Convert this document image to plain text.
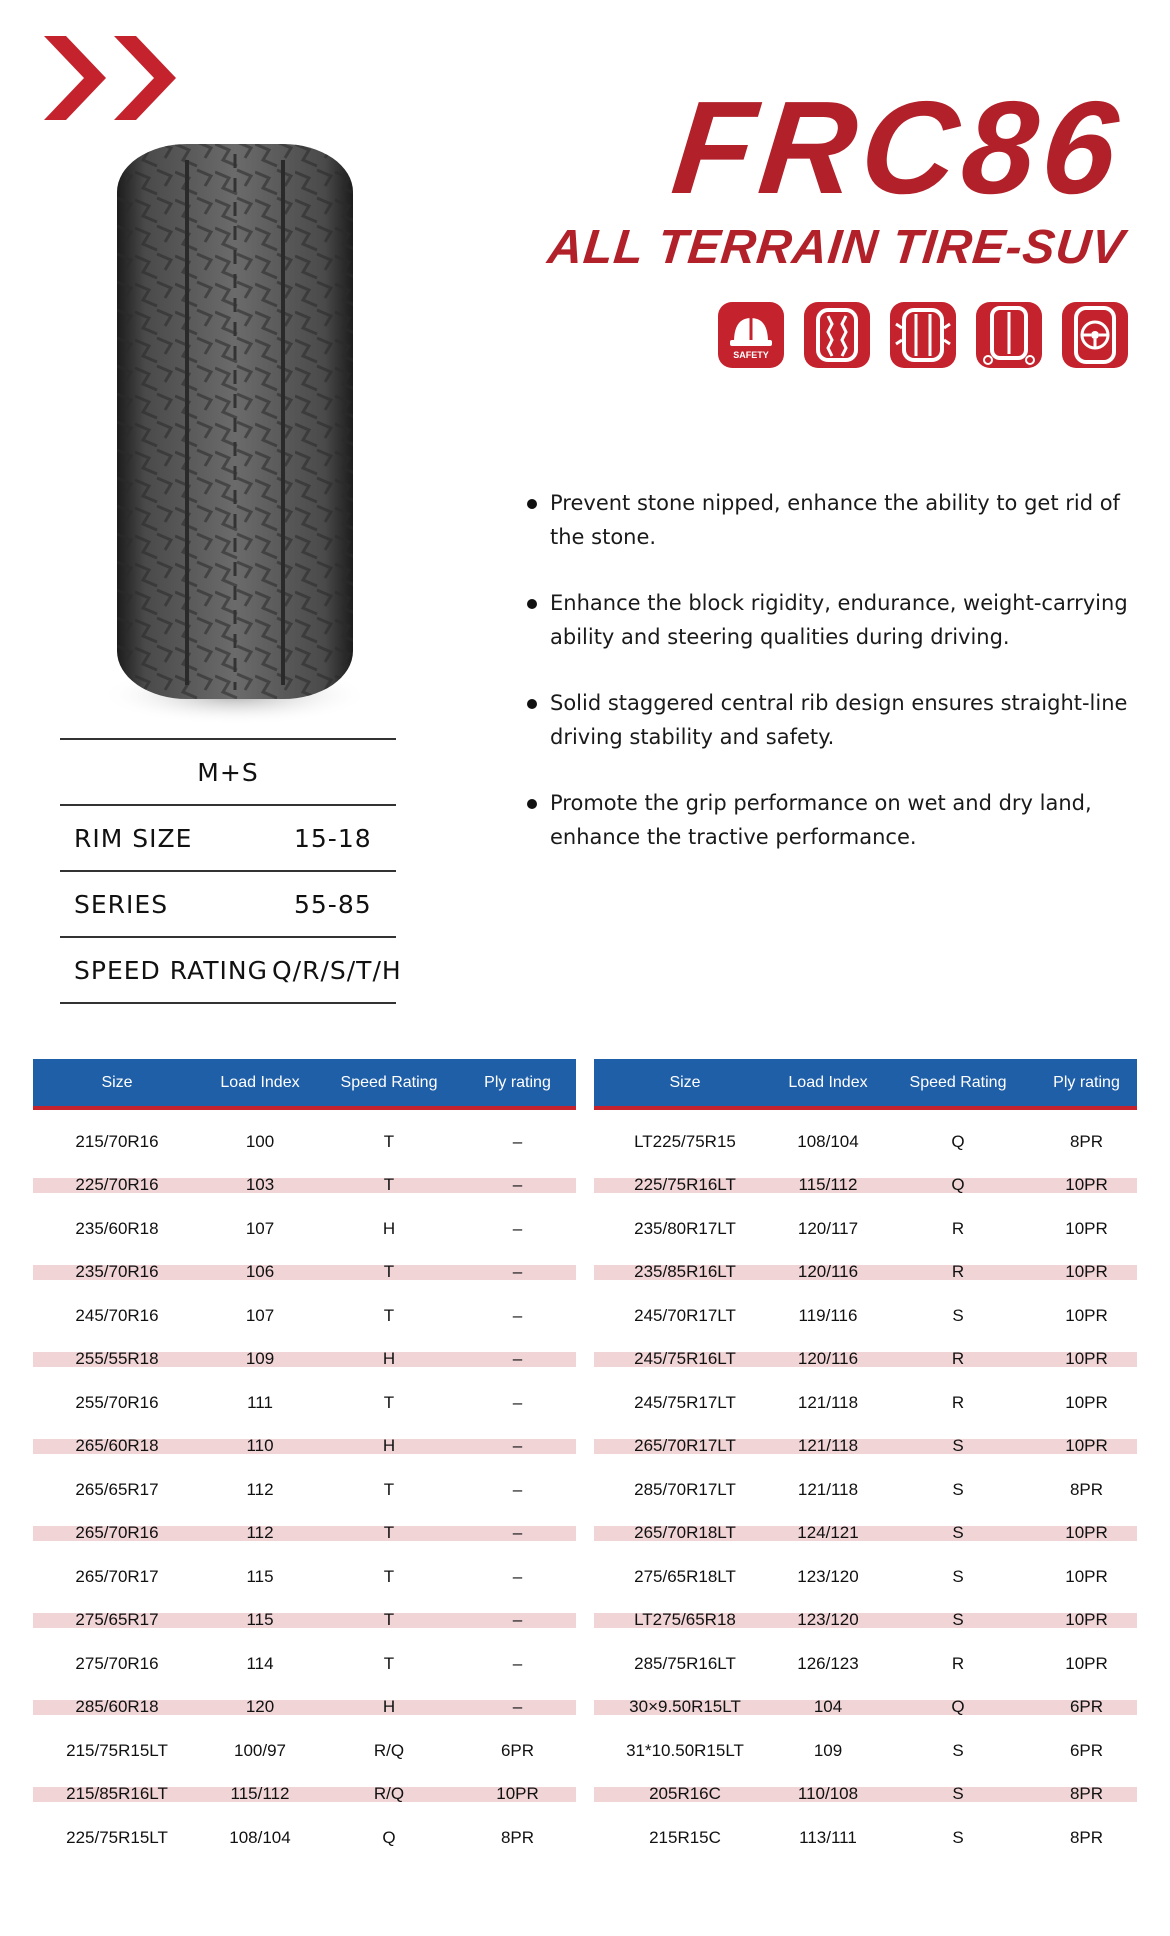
FRC86
ALL TERRAIN TIRE-SUV
SAFETY
Prevent stone nipped, enhance the ability to get rid of the stone.
Enhance the block rigidity, endurance, weight-carrying ability and steering qualities during driving.
Solid staggered central rib design ensures straight-line driving stability and safety.
Promote the grip performance on wet and dry land, enhance the tractive performance.
M+S
RIM SIZE	15-18
SERIES	55-85
SPEED RATING Q/R/S/T/H
Size	Load Index	Speed Rating	Ply rating
215/70R16	100	T	–
225/70R16	103	T	–
235/60R18	107	H	–
235/70R16	106	T	–
245/70R16	107	T	–
255/55R18	109	H	–
255/70R16	111	T	–
265/60R18	110	H	–
265/65R17	112	T	–
265/70R16	112	T	–
265/70R17	115	T	–
275/65R17	115	T	–
275/70R16	114	T	–
285/60R18	120	H	–
215/75R15LT	100/97	R/Q	6PR
215/85R16LT	115/112	R/Q	10PR
225/75R15LT	108/104	Q	8PR
Size	Load Index	Speed Rating	Ply rating
LT225/75R15	108/104	Q	8PR
225/75R16LT	115/112	Q	10PR
235/80R17LT	120/117	R	10PR
235/85R16LT	120/116	R	10PR
245/70R17LT	119/116	S	10PR
245/75R16LT	120/116	R	10PR
245/75R17LT	121/118	R	10PR
265/70R17LT	121/118	S	10PR
285/70R17LT	121/118	S	8PR
265/70R18LT	124/121	S	10PR
275/65R18LT	123/120	S	10PR
LT275/65R18	123/120	S	10PR
285/75R16LT	126/123	R	10PR
30×9.50R15LT	104	Q	6PR
31*10.50R15LT	109	S	6PR
205R16C	110/108	S	8PR
215R15C	113/111	S	8PR
